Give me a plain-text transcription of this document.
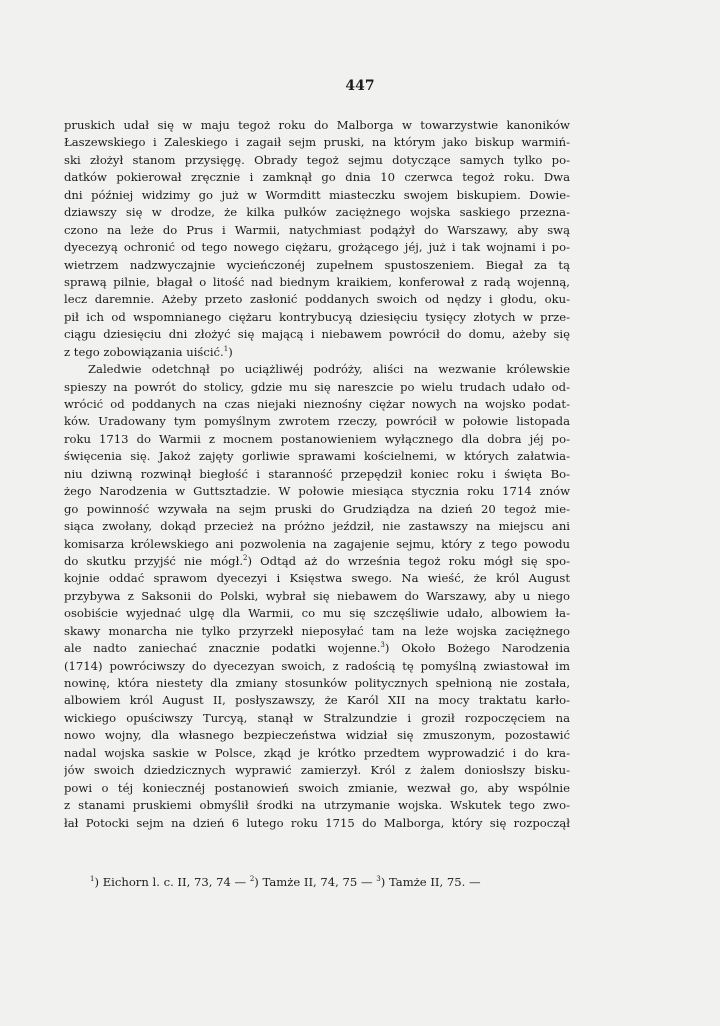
447
pruskich udał się w maju tegoż roku do Malborga w towarzystwie kanoników
Łaszewskiego i Zaleskiego i zagaił sejm pruski, na którym jako biskup warmiń-
ski złożył stanom przysięgę. Obrady tegoż sejmu dotyczące samych tylko po-
datków pokierował zręcznie i zamknął go dnia 10 czerwca tegoż roku. Dwa
dni później widzimy go już w Wormditt miasteczku swojem biskupiem. Dowie-
dziawszy się w drodze, że kilka pułków zaciężnego wojska saskiego przezna-
czono na leże do Prus i Warmii, natychmiast podążył do Warszawy, aby swą
dyecezyą ochronić od tego nowego ciężaru, grożącego jéj, już i tak wojnami i po-
wietrzem nadzwyczajnie wycieńczonéj zupełnem spustoszeniem. Biegał za tą
sprawą pilnie, błagał o litość nad biednym kraikiem, konferował z radą wojenną,
lecz daremnie. Ażeby przeto zasłonić poddanych swoich od nędzy i głodu, oku-
pił ich od wspomnianego ciężaru kontrybucyą dziesięciu tysięcy złotych w prze-
ciągu dziesięciu dni złożyć się mającą i niebawem powrócił do domu, ażeby się
z tego zobowiązania uiścić.$^1$)
Zaledwie odetchnął po uciążliwéj podróży, aliści na wezwanie królewskie
spieszy na powrót do stolicy, gdzie mu się nareszcie po wielu trudach udało od-
wrócić od poddanych na czas niejaki nieznośny ciężar nowych na wojsko podat-
ków. Uradowany tym pomyślnym zwrotem rzeczy, powrócił w połowie listopada
roku 1713 do Warmii z mocnem postanowieniem wyłącznego dla dobra jéj po-
święcenia się. Jakoż zajęty gorliwie sprawami kościelnemi, w których załatwia-
niu dziwną rozwinął biegłość i staranność przepędził koniec roku i święta Bo-
żego Narodzenia w Guttsztadzie. W połowie miesiąca stycznia roku 1714 znów
go powinność wzywała na sejm pruski do Grudziądza na dzień 20 tegoż mie-
siąca zwołany, dokąd przecież na próżno jeździł, nie zastawszy na miejscu ani
komisarza królewskiego ani pozwolenia na zagajenie sejmu, który z tego powodu
do skutku przyjść nie mógł.$^2$) Odtąd aż do września tegoż roku mógł się spo-
kojnie oddać sprawom dyecezyi i Księstwa swego. Na wieść, że król August
przybywa z Saksonii do Polski, wybrał się niebawem do Warszawy, aby u niego
osobiście wyjednać ulgę dla Warmii, co mu się szczęśliwie udało, albowiem ła-
skawy monarcha nie tylko przyrzekł nieposyłać tam na leże wojska zaciężnego
ale nadto zaniechać znacznie podatki wojenne.$^3$) Około Bożego Narodzenia
(1714) powróciwszy do dyecezyan swoich, z radością tę pomyślną zwiastował im
nowinę, która niestety dla zmiany stosunków politycznych spełnioną nie została,
albowiem król August II, posłyszawszy, że Karól XII na mocy traktatu karło-
wickiego opuściwszy Turcyą, stanął w Stralzundzie i groził rozpoczęciem na
nowo wojny, dla własnego bezpieczeństwa widział się zmuszonym, pozostawić
nadal wojska saskie w Polsce, zkąd je krótko przedtem wyprowadzić i do kra-
jów swoich dziedzicznych wyprawić zamierzył. Król z żalem doniosłszy bisku-
powi o téj koniecznéj postanowień swoich zmianie, wezwał go, aby wspólnie
z stanami pruskiemi obmyślił środki na utrzymanie wojska. Wskutek tego zwo-
łał Potocki sejm na dzień 6 lutego roku 1715 do Malborga, który się rozpoczął
$^1$) Eichorn l. c. II, 73, 74 — $^2$) Tamże II, 74, 75 — $^3$) Tamże II, 75. —
